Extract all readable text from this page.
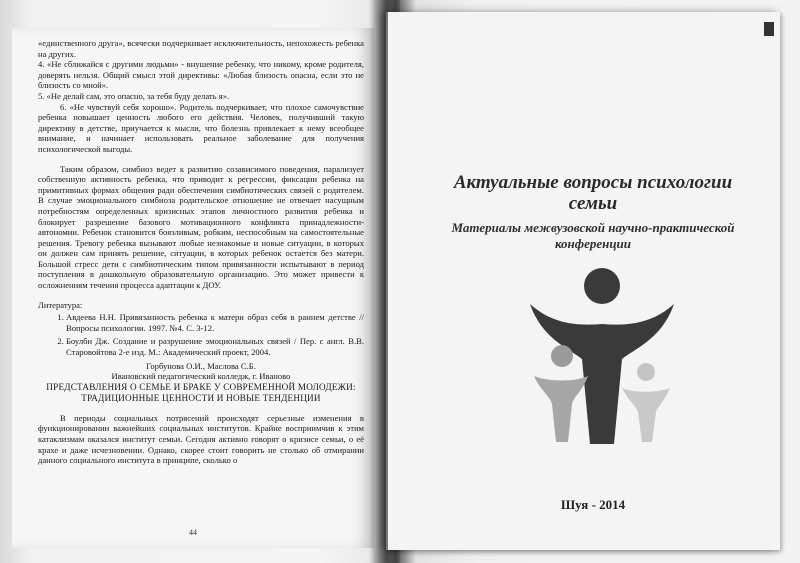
«единственного друга», всячески подчеркивает исключительность, непохожесть ребенка на других.

4. «Не сближайся с другими людьми» - внушение ребенку, что никому, кроме родителя, доверять нельзя. Общий смысл этой директивы: «Любая близость опасна, если это не близость со мной».

5. «Не делай сам, это опасно, за тебя буду делать я».

6. «Не чувствуй себя хорошо». Родитель подчеркивает, что плохое самочувствие ребенка повышает ценность любого его действия. Человек, получивший такую директиву в детстве, приучается к мысли, что болезнь привлекает к нему всеобщее внимание, и начинает использовать реальное заболевание для получения психологической выгоды.

Таким образом, симбиоз ведет к развитию созависимого поведения, парализует собственную активность ребенка, что приводит к регрессии, фиксации ребенка на примитивных формах общения ради обеспечения симбиотических связей с родителем. В случае эмоционального симбиоза родительское отношение не отвечает насущным потребностям определенных кризисных этапов личностного развития ребенка и блокирует разрешение базового мотивационного конфликта принадлежности-автономии. Ребенок становится боязливым, робким, неспособным на самостоятельные решения. Тревогу ребенка вызывают любые незнакомые и новые ситуации, в которых он должен сам принять решение, ситуации, в которых ребенок остается без матери. Большой стресс дети с симбиотическим типом привязанности испытывают в период поступления в дошкольную образовательную организацию. Это может привести к осложнениям течения процесса адаптации к ДОУ.

Литература:

1. Авдеева Н.Н. Привязанность ребенка к матери образ себя в раннем детстве // Вопросы психологии. 1997. №4. С. 3-12.
2. Боулби Дж. Создание и разрушение эмоциональных связей / Пер. с англ. В.В. Старовойтова 2-е изд. М.: Академический проект, 2004.

Горбунова О.И., Маслова С.Б.

Ивановский педагогический колледж, г. Иваново

ПРЕДСТАВЛЕНИЯ О СЕМЬЕ И БРАКЕ У СОВРЕМЕННОЙ МОЛОДЕЖИ: ТРАДИЦИОННЫЕ ЦЕННОСТИ И НОВЫЕ ТЕНДЕНЦИИ

В периоды социальных потрясений происходят серьезные изменения в функционировании важнейших социальных институтов. Крайне восприимчив к этим катаклизмам оказался институт семьи. Сегодня активно говорят о кризисе семьи, о её крахе и даже исчезновении. Однако, скорее стоит говорить не столько об отмирании данного социального института в принципе, сколько о

44
Актуальные вопросы психологии семьи
Материалы межвузовской научно-практической конференции
Шуя - 2014
